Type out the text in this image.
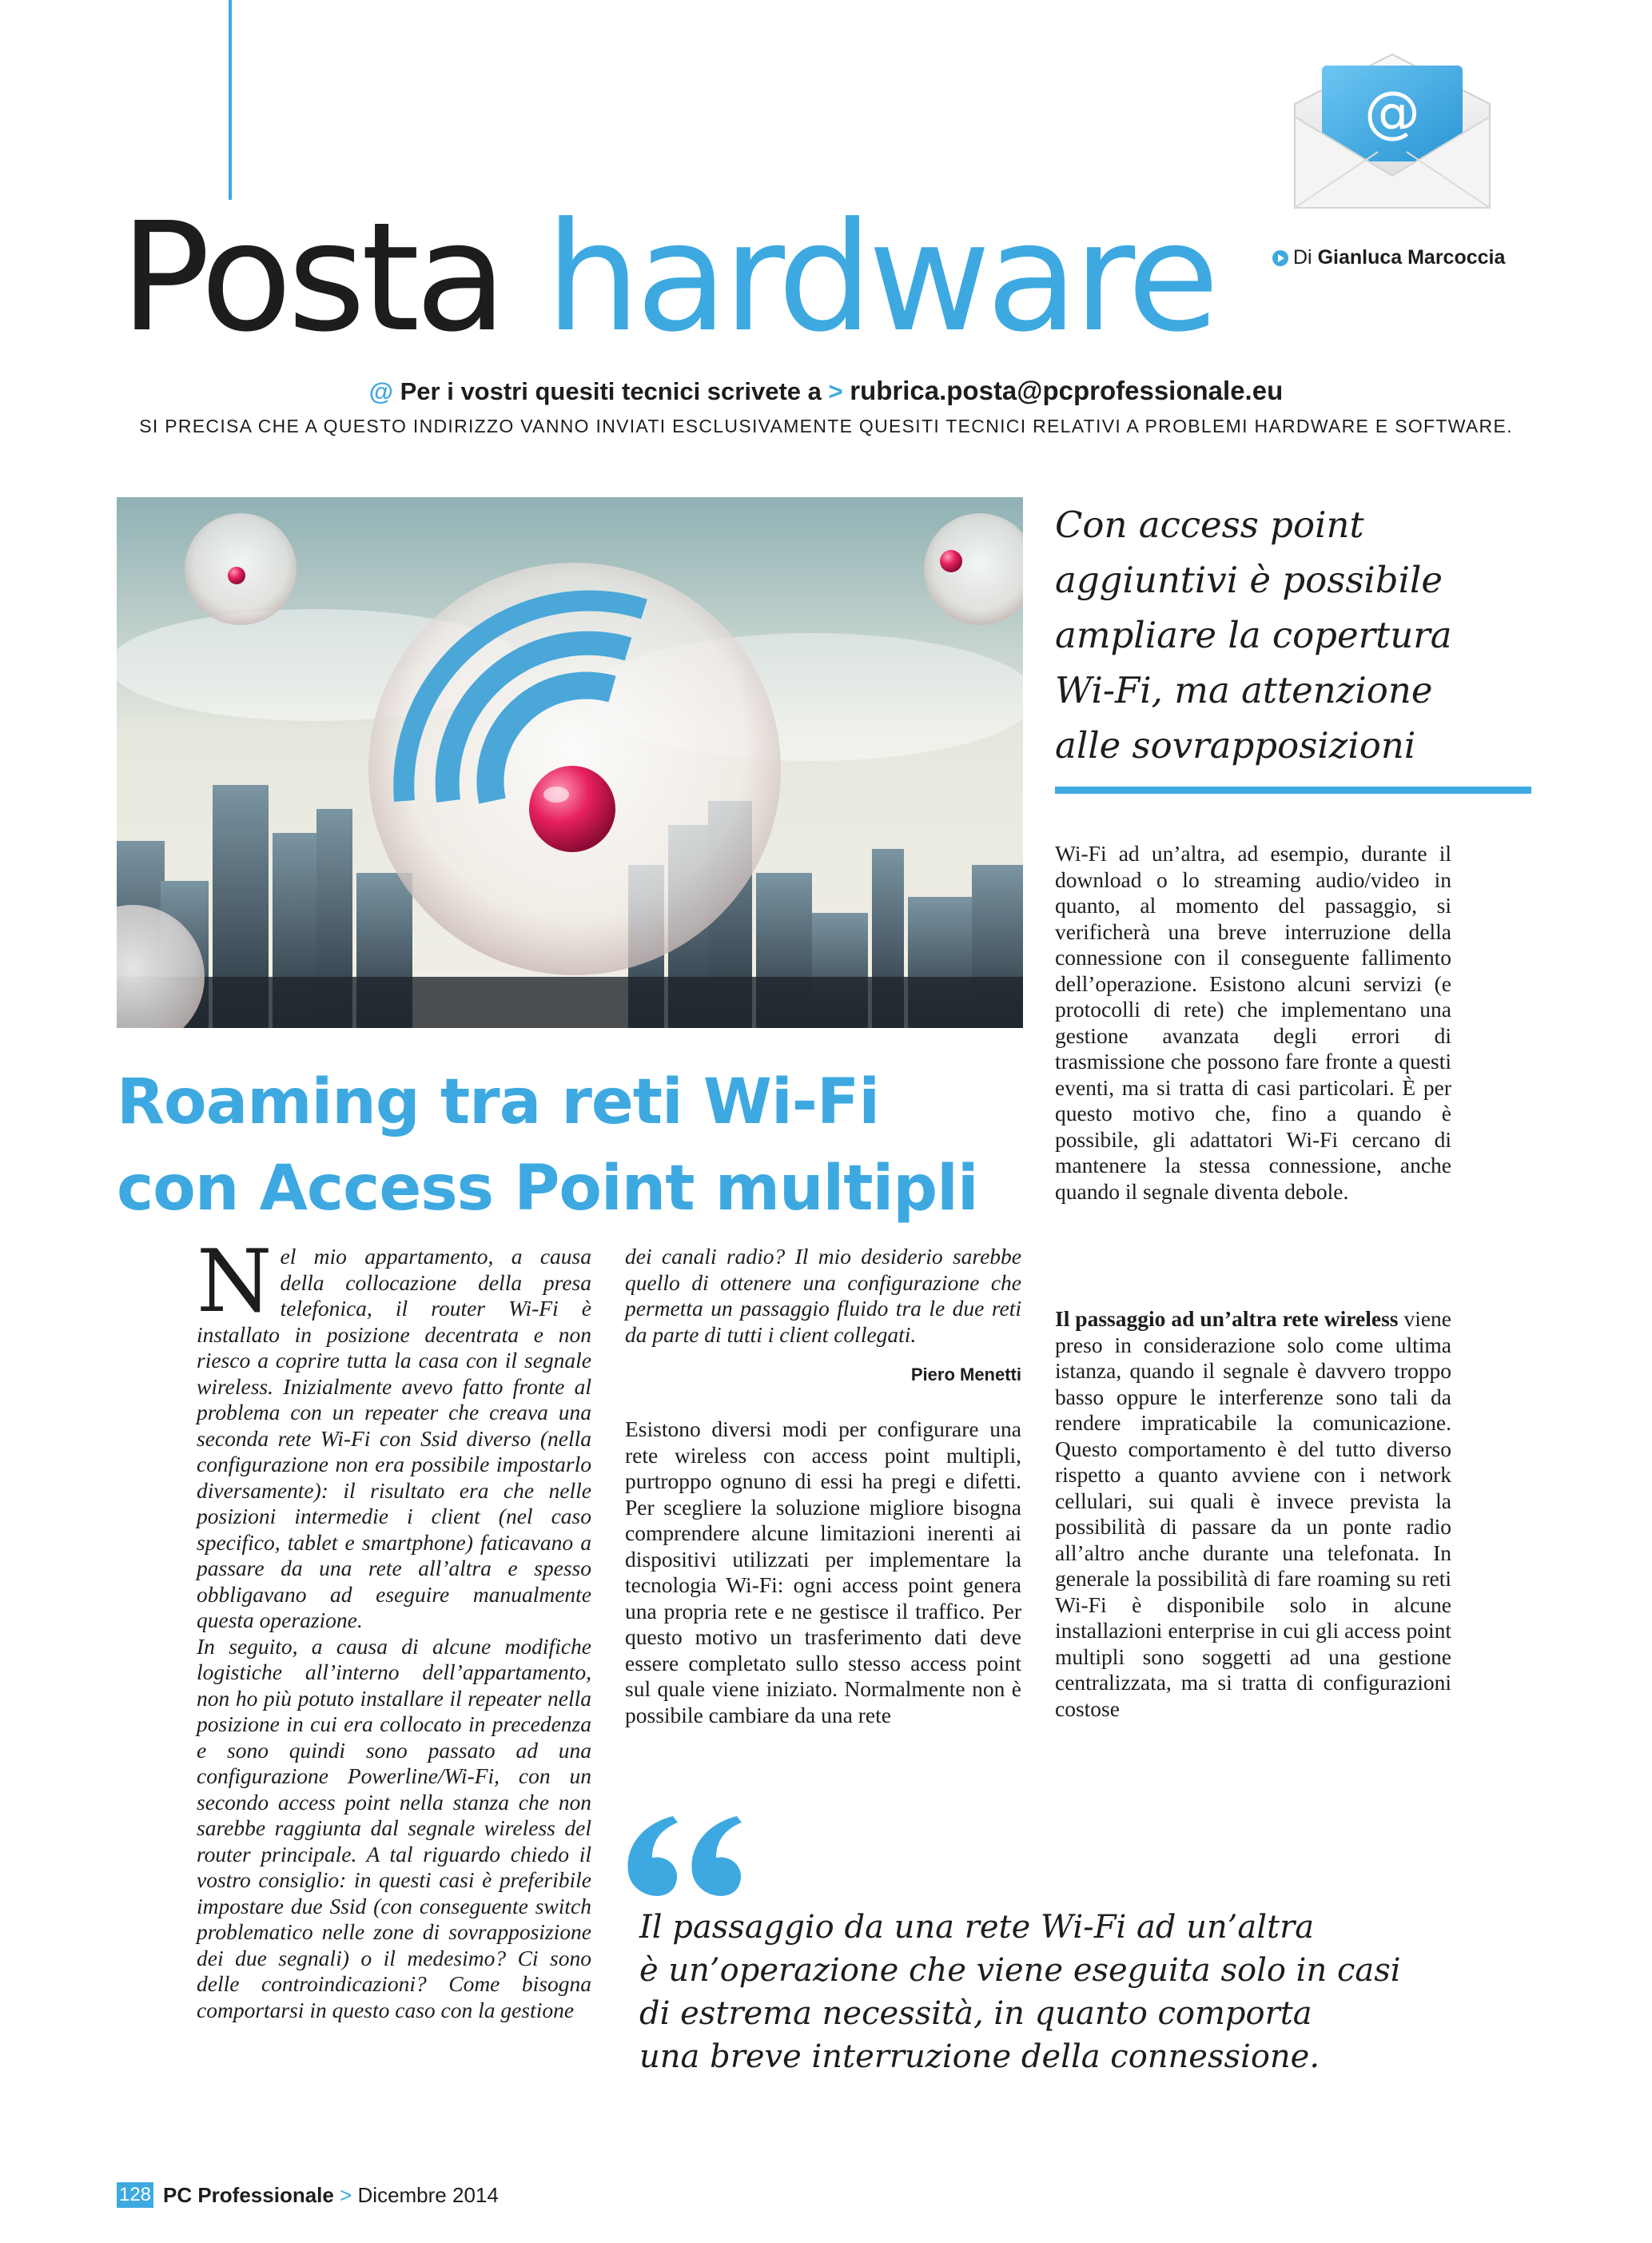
@
Posta hardware	Di Gianluca Marcoccia
@ Per i vostri quesiti tecnici scrivete a > rubrica.posta@pcprofessionale.eu
SI PRECISA CHE A QUESTO INDIRIZZO VANNO INVIATI ESCLUSIVAMENTE QUESITI TECNICI RELATIVI A PROBLEMI HARDWARE E SOFTWARE.
Con access point aggiuntivi è possibile ampliare la copertura Wi-Fi, ma attenzione alle sovrapposizioni
Roaming tra reti Wi-Fi
con Access Point multipli

Nel mio appartamento, a causa della collocazione della presa telefonica, il router Wi-Fi è installato in posizione decentrata e non riesco a coprire tutta la casa con il segnale wireless. Inizialmente avevo fatto fronte al problema con un repeater che creava una seconda rete Wi-Fi con Ssid diverso (nella configurazione non era possibile impostarlo diversamente): il risultato era che nelle posizioni intermedie i client (nel caso specifico, tablet e smartphone) faticavano a passare da una rete all’altra e spesso obbligavano ad eseguire manualmente questa operazione.

In seguito, a causa di alcune modifiche logistiche all’interno dell’appartamento, non ho più potuto installare il repeater nella posizione in cui era collocato in precedenza e sono quindi sono passato ad una configurazione Powerline/Wi-Fi, con un secondo access point nella stanza che non sarebbe raggiunta dal segnale wireless del router principale. A tal riguardo chiedo il vostro consiglio: in questi casi è preferibile impostare due Ssid (con conseguente switch problematico nelle zone di sovrapposizione dei due segnali) o il medesimo? Ci sono delle controindicazioni? Come bisogna comportarsi in questo caso con la gestione

dei canali radio? Il mio desiderio sarebbe quello di ottenere una configurazione che permetta un passaggio fluido tra le due reti da parte di tutti i client collegati.
Piero Menetti
Esistono diversi modi per configurare una rete wireless con access point multipli, purtroppo ognuno di essi ha pregi e difetti. Per scegliere la soluzione migliore bisogna comprendere alcune limitazioni inerenti ai dispositivi utilizzati per implementare la tecnologia Wi-Fi: ogni access point genera una propria rete e ne gestisce il traffico. Per questo motivo un trasferimento dati deve essere completato sullo stesso access point sul quale viene iniziato. Normalmente non è possibile cambiare da una rete
Wi-Fi ad un’altra, ad esempio, durante il download o lo streaming audio/video in quanto, al momento del passaggio, si verificherà una breve interruzione della connessione con il conseguente fallimento dell’operazione. Esistono alcuni servizi (e protocolli di rete) che implementano una gestione avanzata degli errori di trasmissione che possono fare fronte a questi eventi, ma si tratta di casi particolari. È per questo motivo che, fino a quando è possibile, gli adattatori Wi-Fi cercano di mantenere la stessa connessione, anche quando il segnale diventa debole.
Il passaggio ad un’altra rete wireless viene preso in considerazione solo come ultima istanza, quando il segnale è davvero troppo basso oppure le interferenze sono tali da rendere impraticabile la comunicazione. Questo comportamento è del tutto diverso rispetto a quanto avviene con i network cellulari, sui quali è invece prevista la possibilità di passare da un ponte radio all’altro anche durante una telefonata. In generale la possibilità di fare roaming su reti Wi-Fi è disponibile solo in alcune installazioni enterprise in cui gli access point multipli sono soggetti ad una gestione centralizzata, ma si tratta di configurazioni costose
Il passaggio da una rete Wi-Fi ad un’altra
è un’operazione che viene eseguita solo in casi
di estrema necessità, in quanto comporta
una breve interruzione della connessione.
128 PC Professionale > Dicembre 2014
